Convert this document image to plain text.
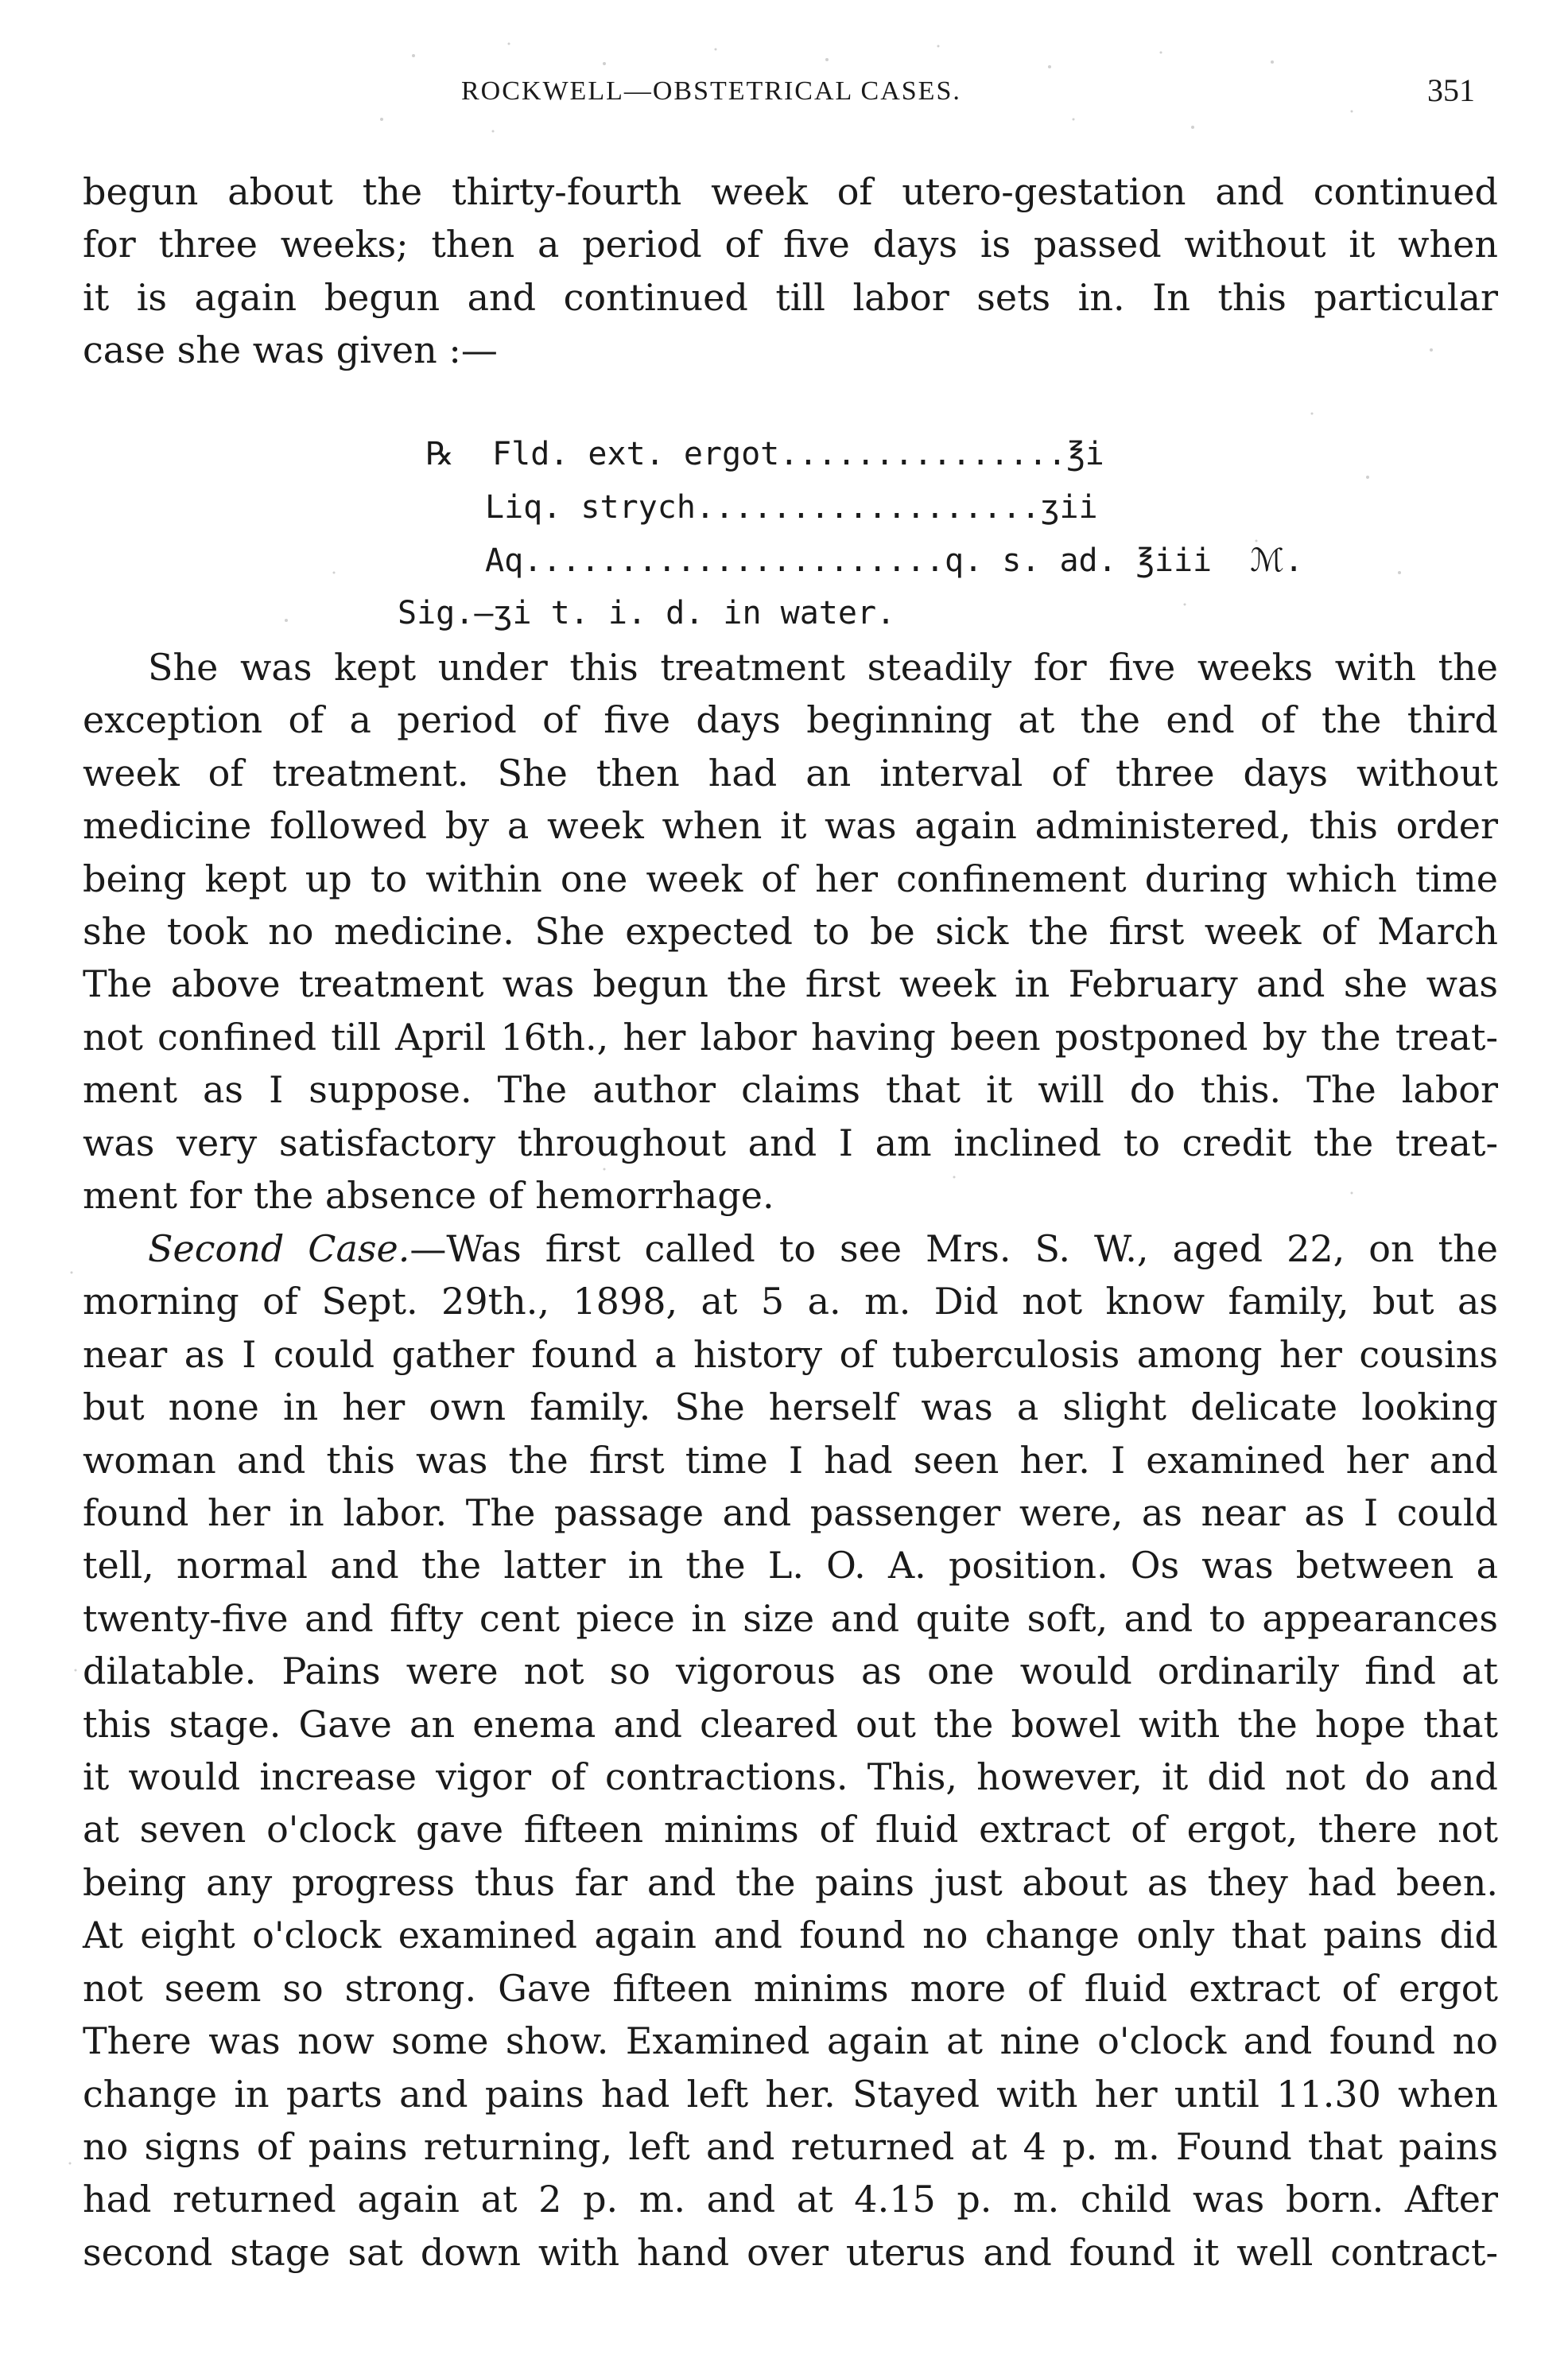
ROCKWELL—OBSTETRICAL CASES.	351
begun about the thirty-fourth week of utero-gestation and continued
for three weeks; then a period of five days is passed without it when
it is again begun and continued till labor sets in. In this particular
case she was given :—
℞  Fld. ext. ergot...............℥i
Liq. strych..................ʒii
Aq......................q. s. ad. ℥iii  ℳ.
Sig.—ʒi t. i. d. in water.
She was kept under this treatment steadily for five weeks with the
exception of a period of five days beginning at the end of the third
week of treatment. She then had an interval of three days without
medicine followed by a week when it was again administered, this order
being kept up to within one week of her confinement during which time
she took no medicine. She expected to be sick the first week of March
The above treatment was begun the first week in February and she was
not confined till April 16th., her labor having been postponed by the treat-
ment as I suppose. The author claims that it will do this. The labor
was very satisfactory throughout and I am inclined to credit the treat-
ment for the absence of hemorrhage.
Second Case.—Was first called to see Mrs. S. W., aged 22, on the
morning of Sept. 29th., 1898, at 5 a. m. Did not know family, but as
near as I could gather found a history of tuberculosis among her cousins
but none in her own family. She herself was a slight delicate looking
woman and this was the first time I had seen her. I examined her and
found her in labor. The passage and passenger were, as near as I could
tell, normal and the latter in the L. O. A. position. Os was between a
twenty-five and fifty cent piece in size and quite soft, and to appearances
dilatable. Pains were not so vigorous as one would ordinarily find at
this stage. Gave an enema and cleared out the bowel with the hope that
it would increase vigor of contractions. This, however, it did not do and
at seven o'clock gave fifteen minims of fluid extract of ergot, there not
being any progress thus far and the pains just about as they had been.
At eight o'clock examined again and found no change only that pains did
not seem so strong. Gave fifteen minims more of fluid extract of ergot
There was now some show. Examined again at nine o'clock and found no
change in parts and pains had left her. Stayed with her until 11.30 when
no signs of pains returning, left and returned at 4 p. m. Found that pains
had returned again at 2 p. m. and at 4.15 p. m. child was born. After
second stage sat down with hand over uterus and found it well contract-
